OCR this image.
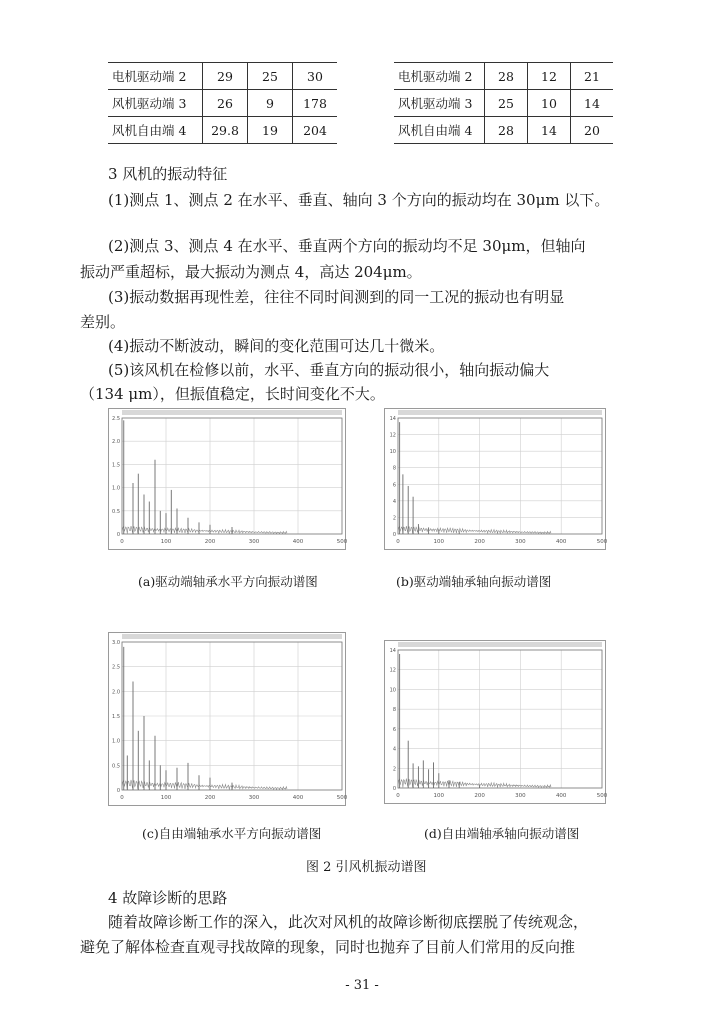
电机驱动端 2	29	25	30
风机驱动端 3	26	9	178
风机自由端 4	29.8	19	204
电机驱动端 2	28	12	21
风机驱动端 3	25	10	14
风机自由端 4	28	14	20
3 风机的振动特征
(1)测点 1、测点 2 在水平、垂直、轴向 3 个方向的振动均在 30μm 以下。
(2)测点 3、测点 4 在水平、垂直两个方向的振动均不足 30μm，但轴向
振动严重超标，最大振动为测点 4，高达 204μm。
(3)振动数据再现性差，往往不同时间测到的同一工况的振动也有明显
差别。
(4)振动不断波动，瞬间的变化范围可达几十微米。
(5)该风机在检修以前，水平、垂直方向的振动很小，轴向振动偏大
（134 μm），但振值稳定，长时间变化不大。
0	100	200	300	400	500
2.5
2.0
1.5
1.0
0.5
0
0	100	200	300	400	500
14
12
10
8
6
4
2
0
0	100	200	300	400	500
3.0
2.5
2.0
1.5
1.0
0.5
0
0	100	200	300	400	500
14
12
10
8
6
4
2
0
(a)驱动端轴承水平方向振动谱图	(b)驱动端轴承轴向振动谱图
(c)自由端轴承水平方向振动谱图	(d)自由端轴承轴向振动谱图
图 2 引风机振动谱图
4 故障诊断的思路
随着故障诊断工作的深入，此次对风机的故障诊断彻底摆脱了传统观念，
避免了解体检查直观寻找故障的现象，同时也抛弃了目前人们常用的反向推
- 31 -
